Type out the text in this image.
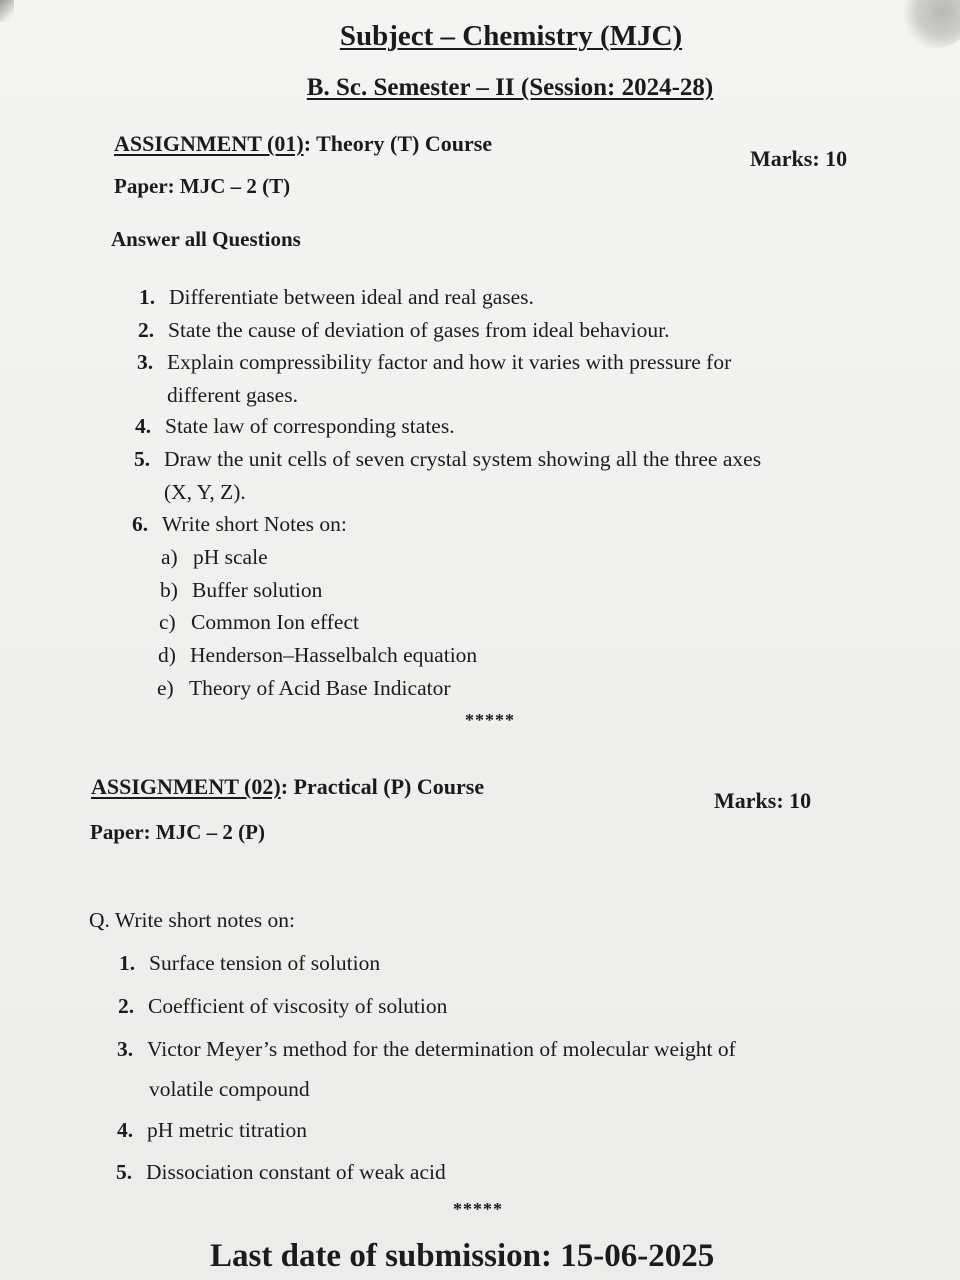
Subject – Chemistry (MJC)
B. Sc. Semester – II (Session: 2024-28)
ASSIGNMENT (01): Theory (T) Course
Marks: 10
Paper: MJC – 2 (T)
Answer all Questions
1. Differentiate between ideal and real gases.
2. State the cause of deviation of gases from ideal behaviour.
3. Explain compressibility factor and how it varies with pressure for
different gases.
4. State law of corresponding states.
5. Draw the unit cells of seven crystal system showing all the three axes
(X, Y, Z).
6. Write short Notes on:
a) pH scale
b) Buffer solution
c) Common Ion effect
d) Henderson–Hasselbalch equation
e) Theory of Acid Base Indicator
*****
ASSIGNMENT (02): Practical (P) Course
Marks: 10
Paper: MJC – 2 (P)
Q. Write short notes on:
1. Surface tension of solution
2. Coefficient of viscosity of solution
3. Victor Meyer’s method for the determination of molecular weight of
volatile compound
4. pH metric titration
5. Dissociation constant of weak acid
*****
Last date of submission: 15-06-2025
